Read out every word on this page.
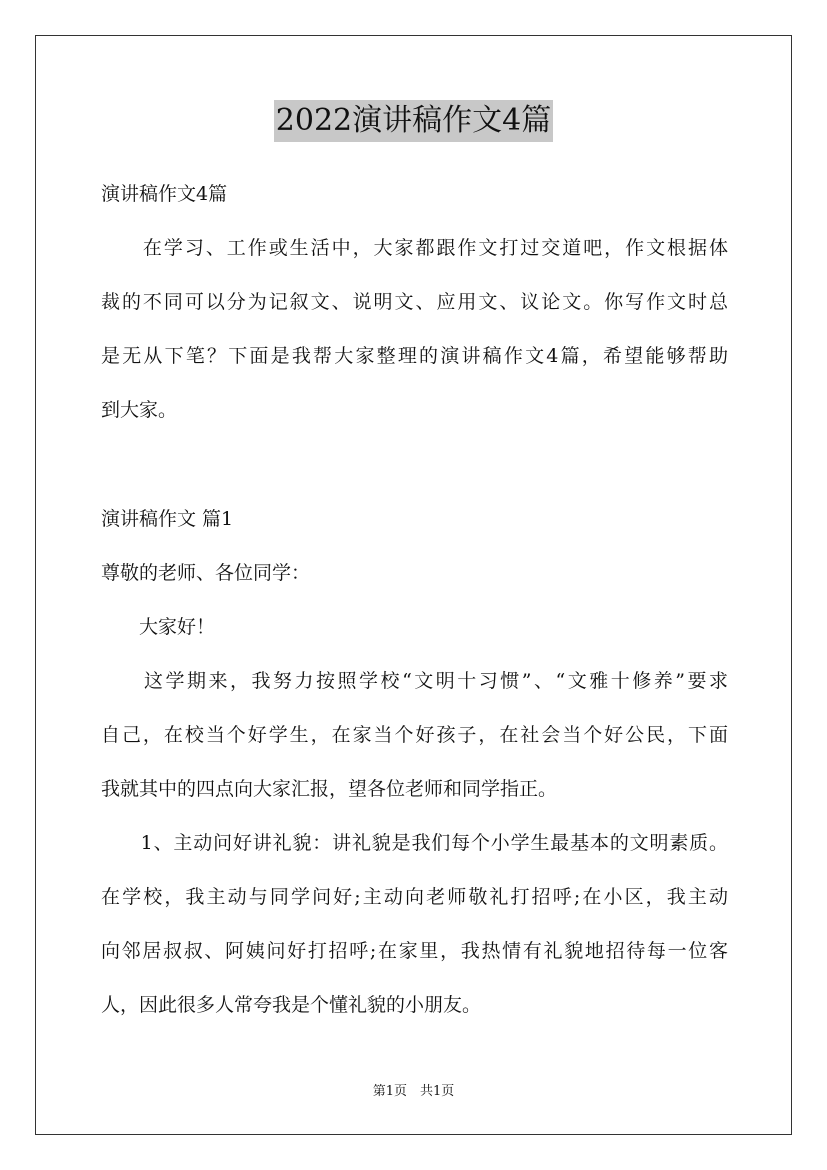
2022演讲稿作文4篇
演讲稿作文4篇
　　在学习、工作或生活中，大家都跟作文打过交道吧，作文根据体
裁的不同可以分为记叙文、说明文、应用文、议论文。你写作文时总
是无从下笔？下面是我帮大家整理的演讲稿作文4篇，希望能够帮助
到大家。
演讲稿作文 篇1
尊敬的老师、各位同学：
　　大家好！
　　这学期来，我努力按照学校“文明十习惯”、“文雅十修养”要求
自己，在校当个好学生，在家当个好孩子，在社会当个好公民，下面
我就其中的四点向大家汇报，望各位老师和同学指正。
　　1、主动问好讲礼貌：讲礼貌是我们每个小学生最基本的文明素质。
在学校，我主动与同学问好;主动向老师敬礼打招呼;在小区，我主动
向邻居叔叔、阿姨问好打招呼;在家里，我热情有礼貌地招待每一位客
人，因此很多人常夸我是个懂礼貌的小朋友。
第1页　共1页
